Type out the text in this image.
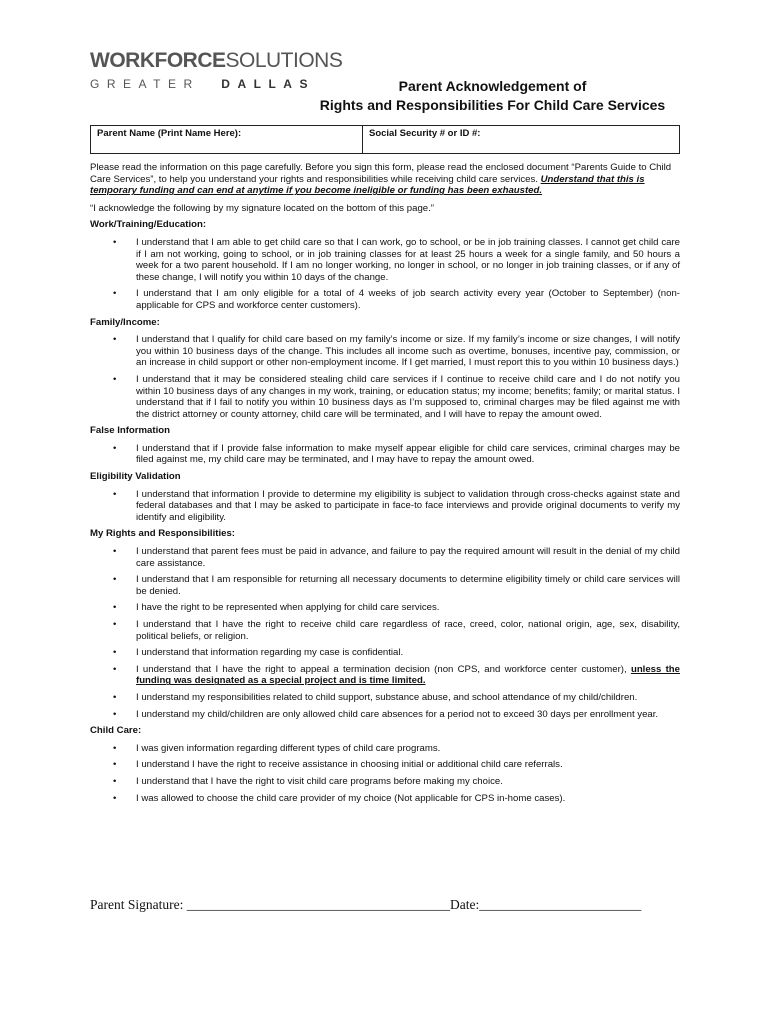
WORKFORCESOLUTIONS
GREATER DALLAS	Parent Acknowledgement of
Rights and Responsibilities For Child Care Services
Parent Name (Print Name Here):	Social Security # or ID #:

Please read the information on this page carefully. Before you sign this form, please read the enclosed document “Parents Guide to Child Care Services”, to help you understand your rights and responsibilities while receiving child care services. Understand that this is temporary funding and can end at anytime if you become ineligible or funding has been exhausted.

“I acknowledge the following by my signature located on the bottom of this page.”

Work/Training/Education:
• I understand that I am able to get child care so that I can work, go to school, or be in job training classes. I cannot get child care if I am not working, going to school, or in job training classes for at least 25 hours a week for a single family, and 50 hours a week for a two parent household. If I am no longer working, no longer in school, or no longer in job training classes, or if any of these change, I will notify you within 10 days of the change.
• I understand that I am only eligible for a total of 4 weeks of job search activity every year (October to September) (non-applicable for CPS and workforce center customers).
Family/Income:
• I understand that I qualify for child care based on my family’s income or size. If my family’s income or size changes, I will notify you within 10 business days of the change. This includes all income such as overtime, bonuses, incentive pay, commission, or an increase in child support or other non-employment income. If I get married, I must report this to you within 10 business days.)
• I understand that it may be considered stealing child care services if I continue to receive child care and I do not notify you within 10 business days of any changes in my work, training, or education status; my income; benefits; family; or marital status. I understand that if I fail to notify you within 10 business days as I’m supposed to, criminal charges may be filed against me with the district attorney or county attorney, child care will be terminated, and I will have to repay the amount owed.
False Information
• I understand that if I provide false information to make myself appear eligible for child care services, criminal charges may be filed against me, my child care may be terminated, and I may have to repay the amount owed.
Eligibility Validation
• I understand that information I provide to determine my eligibility is subject to validation through cross-checks against state and federal databases and that I may be asked to participate in face-to face interviews and provide original documents to verify my identify and eligibility.
My Rights and Responsibilities:
• I understand that parent fees must be paid in advance, and failure to pay the required amount will result in the denial of my child care assistance.
• I understand that I am responsible for returning all necessary documents to determine eligibility timely or child care services will be denied.
• I have the right to be represented when applying for child care services.
• I understand that I have the right to receive child care regardless of race, creed, color, national origin, age, sex, disability, political beliefs, or religion.
• I understand that information regarding my case is confidential.
• I understand that I have the right to appeal a termination decision (non CPS, and workforce center customer), unless the funding was designated as a special project and is time limited.
• I understand my responsibilities related to child support, substance abuse, and school attendance of my child/children.
• I understand my child/children are only allowed child care absences for a period not to exceed 30 days per enrollment year.
Child Care:
• I was given information regarding different types of child care programs.
• I understand I have the right to receive assistance in choosing initial or additional child care referrals.
• I understand that I have the right to visit child care programs before making my choice.
• I was allowed to choose the child care provider of my choice (Not applicable for CPS in-home cases).
Parent Signature: _______________________________________Date:________________________
